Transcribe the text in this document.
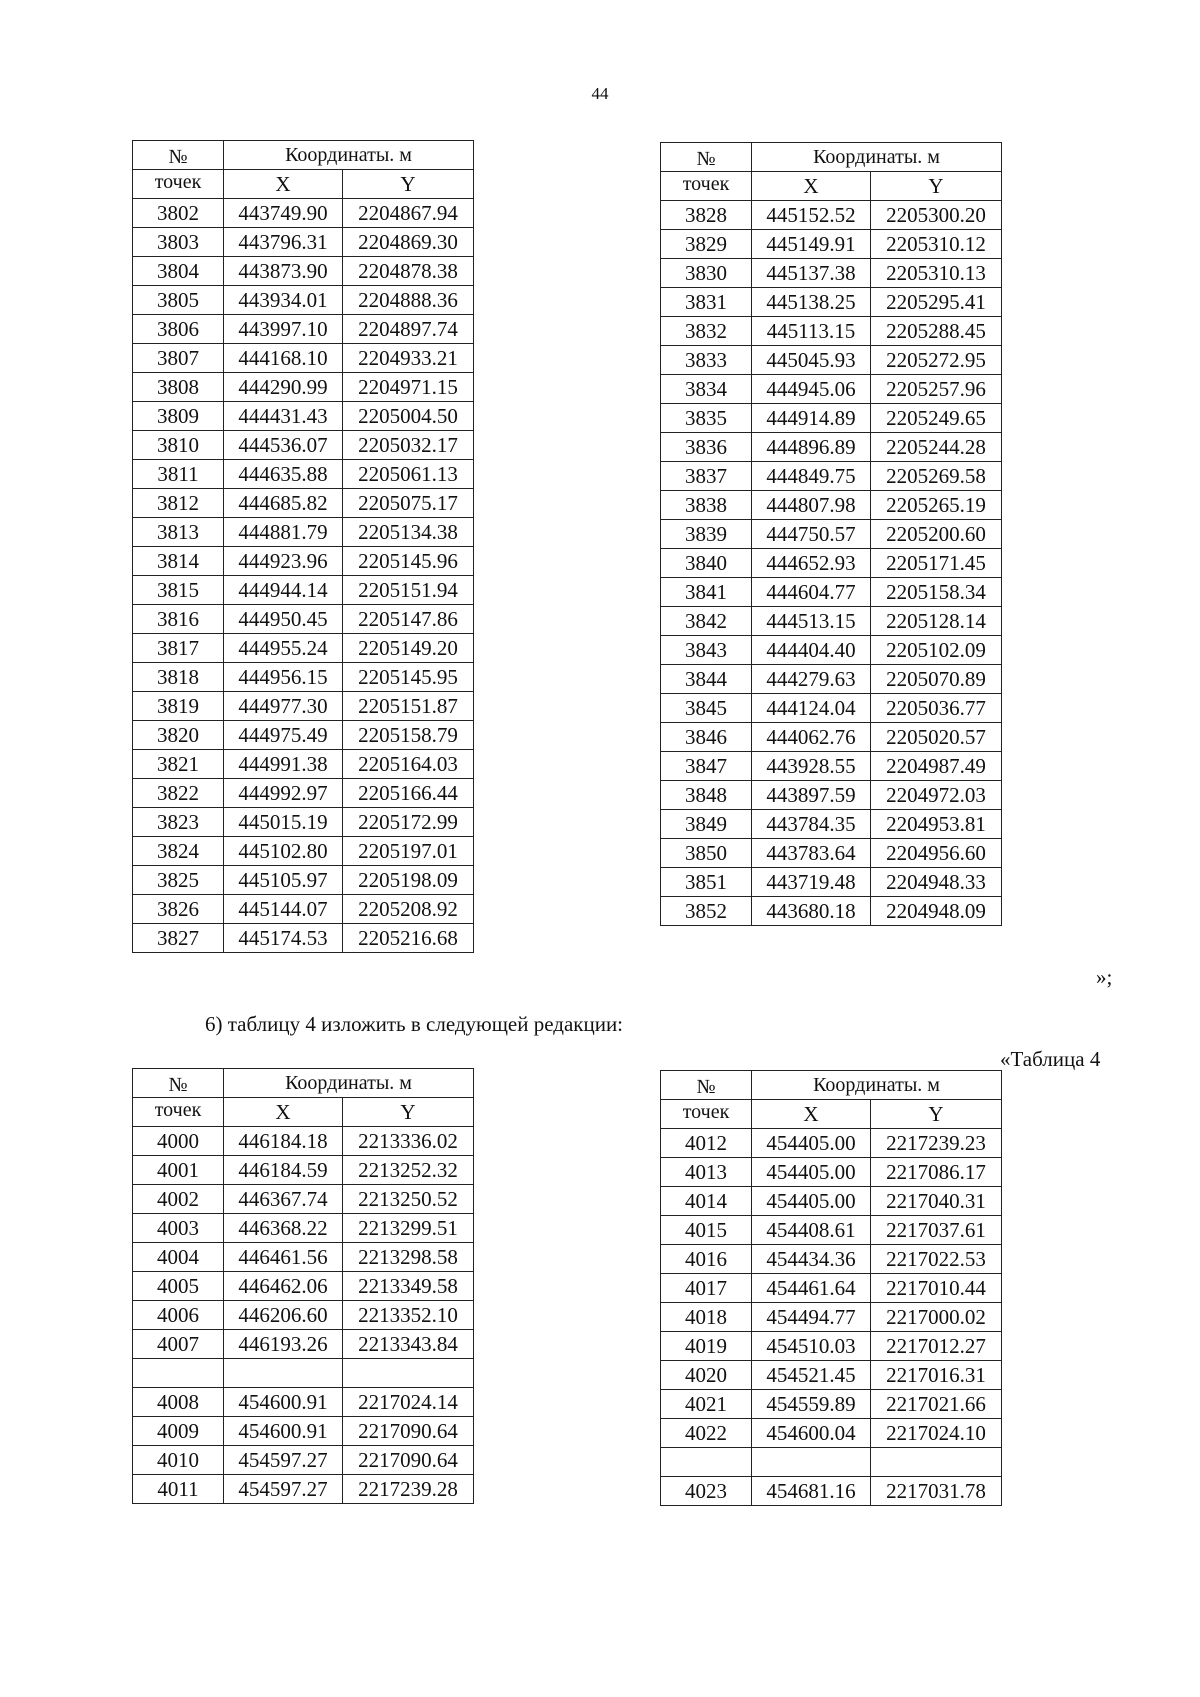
44
№	Координаты. м	
точек	X	Y
3802	443749.90	2204867.94
3803	443796.31	2204869.30
3804	443873.90	2204878.38
3805	443934.01	2204888.36
3806	443997.10	2204897.74
3807	444168.10	2204933.21
3808	444290.99	2204971.15
3809	444431.43	2205004.50
3810	444536.07	2205032.17
3811	444635.88	2205061.13
3812	444685.82	2205075.17
3813	444881.79	2205134.38
3814	444923.96	2205145.96
3815	444944.14	2205151.94
3816	444950.45	2205147.86
3817	444955.24	2205149.20
3818	444956.15	2205145.95
3819	444977.30	2205151.87
3820	444975.49	2205158.79
3821	444991.38	2205164.03
3822	444992.97	2205166.44
3823	445015.19	2205172.99
3824	445102.80	2205197.01
3825	445105.97	2205198.09
3826	445144.07	2205208.92
3827	445174.53	2205216.68
№	Координаты. м	
точек	X	Y
3828	445152.52	2205300.20
3829	445149.91	2205310.12
3830	445137.38	2205310.13
3831	445138.25	2205295.41
3832	445113.15	2205288.45
3833	445045.93	2205272.95
3834	444945.06	2205257.96
3835	444914.89	2205249.65
3836	444896.89	2205244.28
3837	444849.75	2205269.58
3838	444807.98	2205265.19
3839	444750.57	2205200.60
3840	444652.93	2205171.45
3841	444604.77	2205158.34
3842	444513.15	2205128.14
3843	444404.40	2205102.09
3844	444279.63	2205070.89
3845	444124.04	2205036.77
3846	444062.76	2205020.57
3847	443928.55	2204987.49
3848	443897.59	2204972.03
3849	443784.35	2204953.81
3850	443783.64	2204956.60
3851	443719.48	2204948.33
3852	443680.18	2204948.09
»;
6) таблицу 4 изложить в следующей редакции:
«Таблица 4
№	Координаты. м	
точек	X	Y
4000	446184.18	2213336.02
4001	446184.59	2213252.32
4002	446367.74	2213250.52
4003	446368.22	2213299.51
4004	446461.56	2213298.58
4005	446462.06	2213349.58
4006	446206.60	2213352.10
4007	446193.26	2213343.84

4008	454600.91	2217024.14
4009	454600.91	2217090.64
4010	454597.27	2217090.64
4011	454597.27	2217239.28
№	Координаты. м	
точек	X	Y
4012	454405.00	2217239.23
4013	454405.00	2217086.17
4014	454405.00	2217040.31
4015	454408.61	2217037.61
4016	454434.36	2217022.53
4017	454461.64	2217010.44
4018	454494.77	2217000.02
4019	454510.03	2217012.27
4020	454521.45	2217016.31
4021	454559.89	2217021.66
4022	454600.04	2217024.10

4023	454681.16	2217031.78
